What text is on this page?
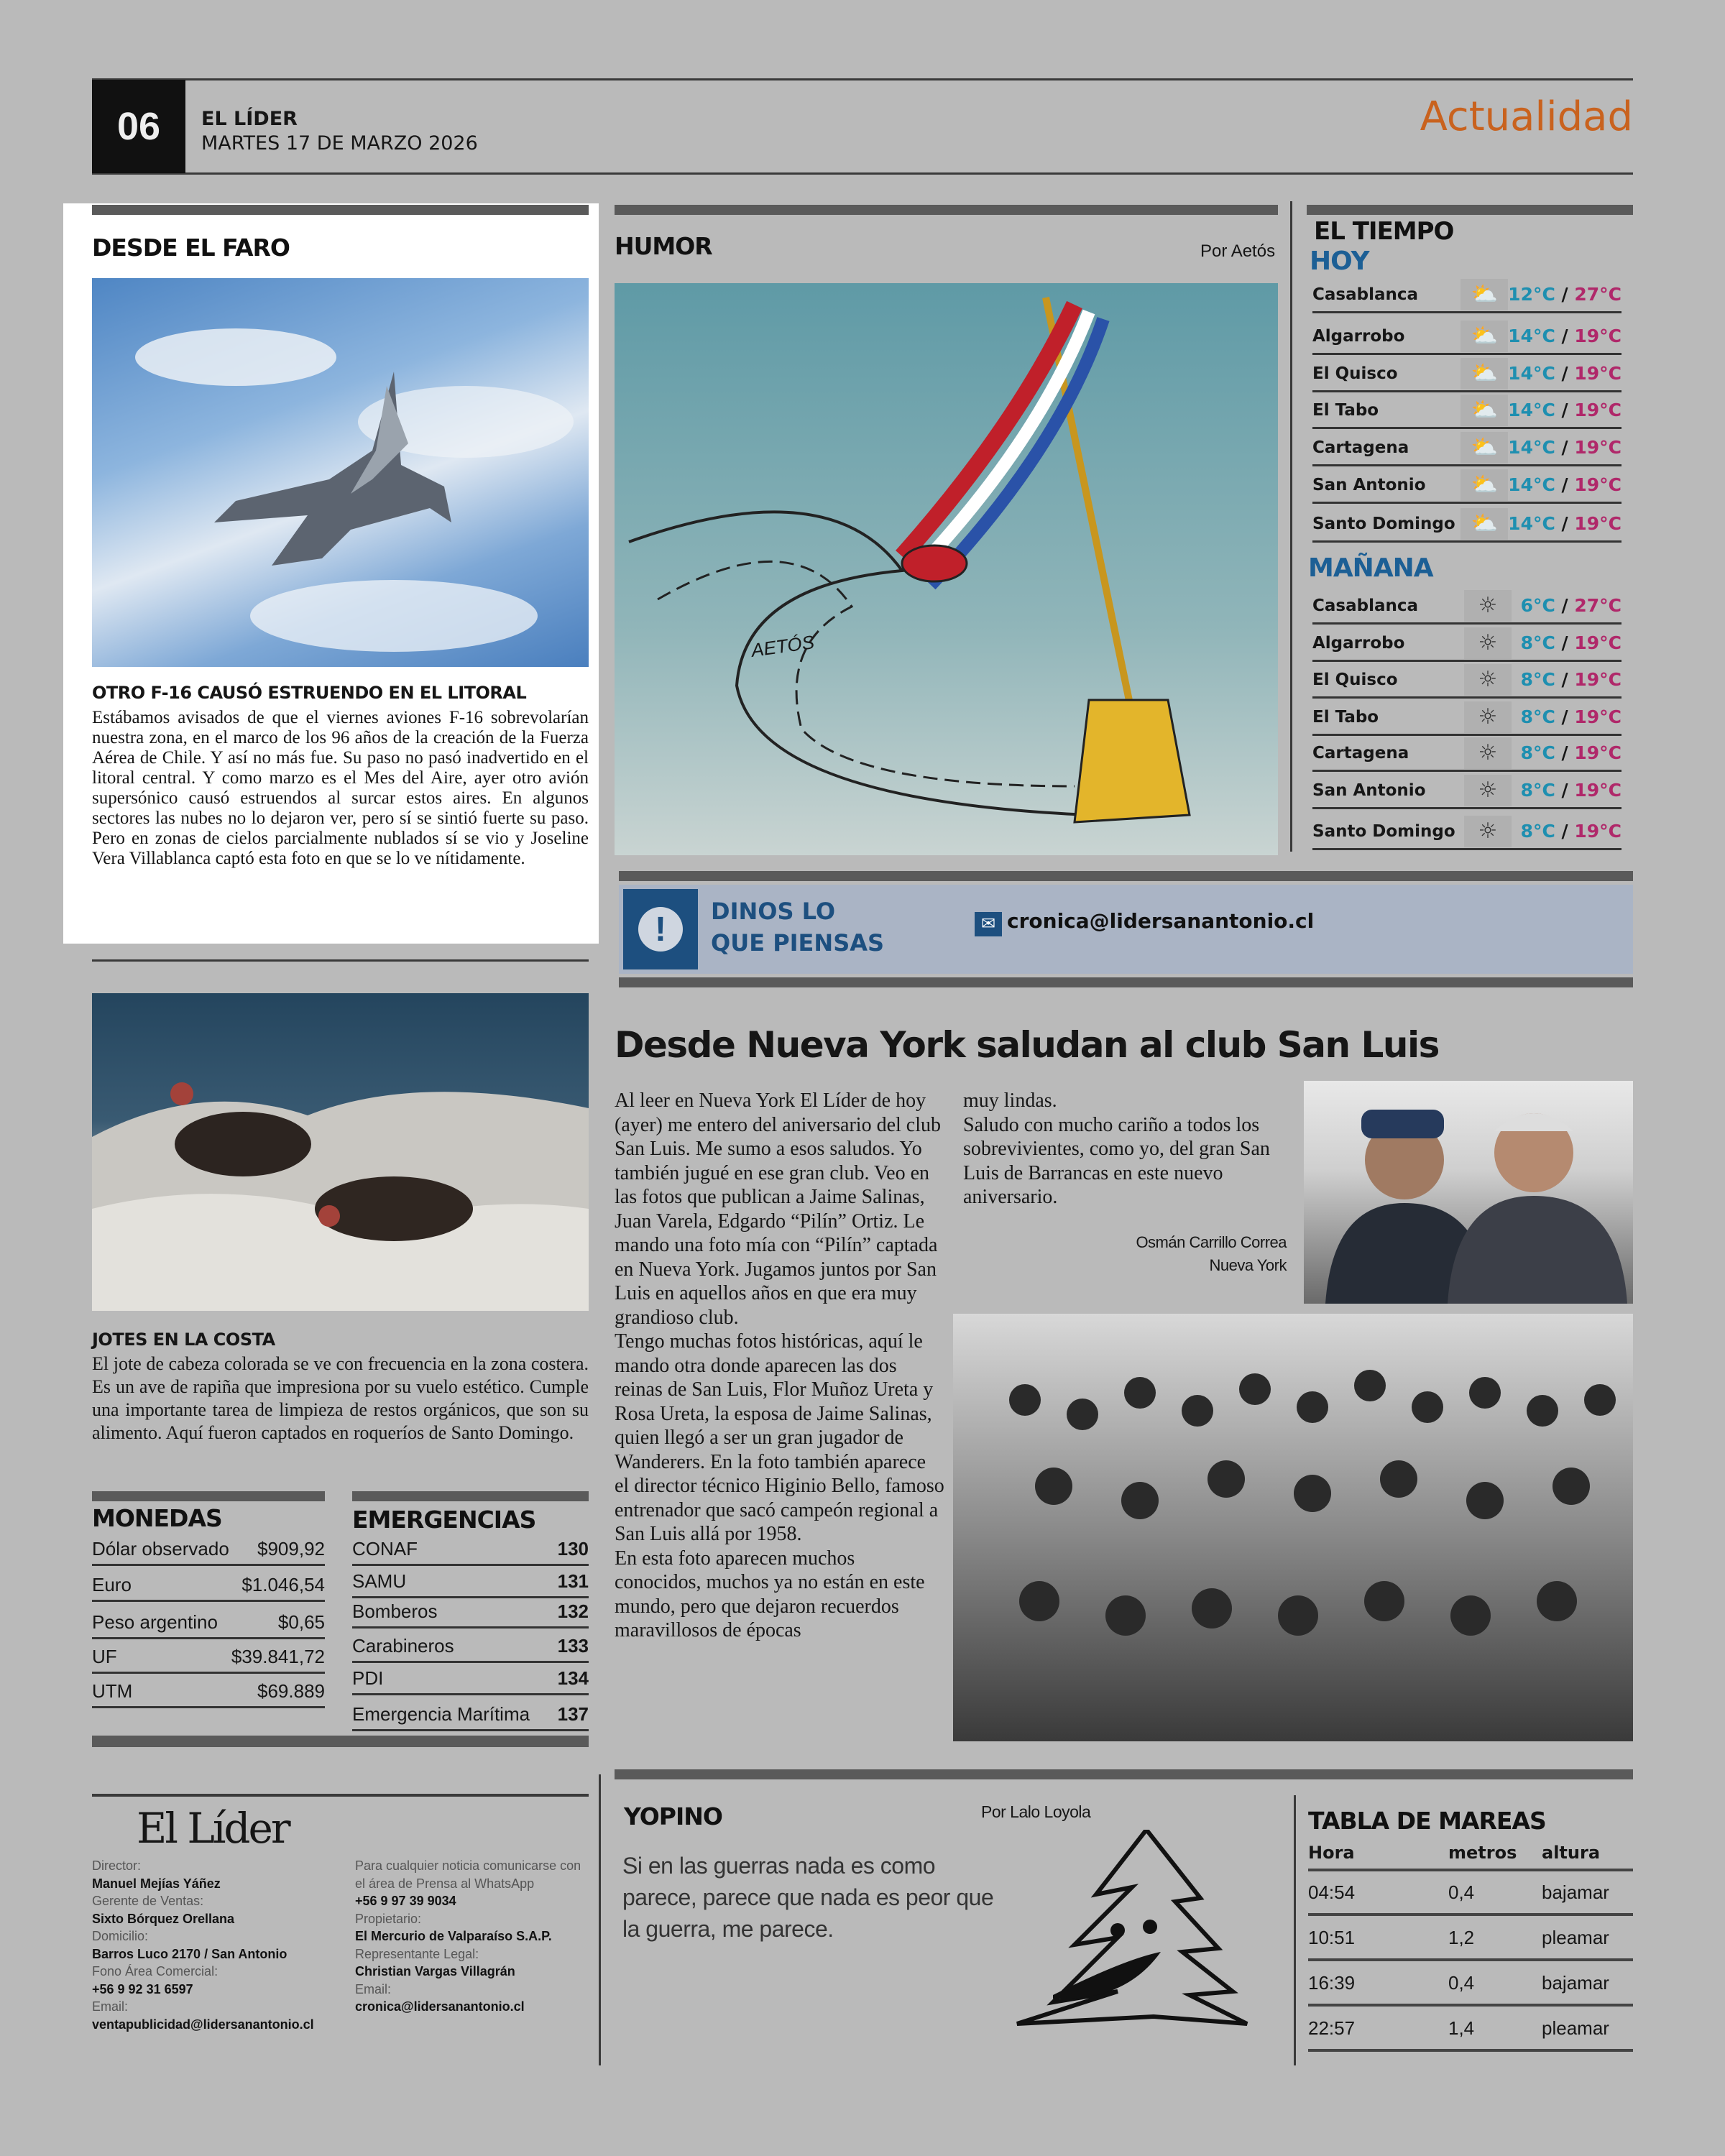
06	EL LÍDER
MARTES 17 DE MARZO 2026
Actualidad
DESDE EL FARO
OTRO F-16 CAUSÓ ESTRUENDO EN EL LITORAL
Estábamos avisados de que el viernes aviones F-16 sobrevolarían nuestra zona, en el marco de los 96 años de la creación de la Fuerza Aérea de Chile. Y así no más fue. Su paso no pasó inadvertido en el litoral central. Y como marzo es el Mes del Aire, ayer otro avión supersónico causó estruendos al surcar estos aires. En algunos sectores las nubes no lo dejaron ver, pero sí se sintió fuerte su paso. Pero en zonas de cielos parcialmente nublados sí se vio y Joseline Vera Villablanca captó esta foto en que se lo ve nítidamente.
JOTES EN LA COSTA
El jote de cabeza colorada se ve con frecuencia en la zona costera. Es un ave de rapiña que impresiona por su vuelo estético. Cumple una importante tarea de limpieza de restos orgánicos, que son su alimento. Aquí fueron captados en roqueríos de Santo Domingo.
MONEDAS	EMERGENCIAS
HUMOR	Por Aetós
AETÓS
EL TIEMPO
HOY
MAÑANA
!	DINOS LO
QUE PIENSAS
✉ cronica@lidersanantonio.cl
Desde Nueva York saludan al club San Luis
Al leer en Nueva York El Líder de hoy (ayer) me entero del aniversario del club San Luis. Me sumo a esos saludos. Yo también jugué en ese gran club. Veo en las fotos que publican a Jaime Salinas, Juan Varela, Edgardo “Pilín” Ortiz. Le mando una foto mía con “Pilín” captada en Nueva York. Jugamos juntos por San Luis en aquellos años en que era muy grandioso club.
Tengo muchas fotos históricas, aquí le mando otra donde aparecen las dos reinas de San Luis, Flor Muñoz Ureta y Rosa Ureta, la esposa de Jaime Salinas, quien llegó a ser un gran jugador de Wanderers. En la foto también aparece el director técnico Higinio Bello, famoso entrenador que sacó campeón regional a San Luis allá por 1958.
En esta foto aparecen muchos conocidos, muchos ya no están en este mundo, pero que dejaron recuerdos maravillosos de épocas
muy lindas.
Saludo con mucho cariño a todos los sobrevivientes, como yo, del gran San Luis de Barrancas en este nuevo aniversario.
Osmán Carrillo Correa
Nueva York
El Líder
Director:
Manuel Mejías Yáñez
Gerente de Ventas:
Sixto Bórquez Orellana
Domicilio:
Barros Luco 2170 / San Antonio
Fono Área Comercial:
+56 9 92 31 6597
Email:
ventapublicidad@lidersanantonio.cl
Para cualquier noticia comunicarse con el área de Prensa al WhatsApp
+56 9 97 39 9034
Propietario:
El Mercurio de Valparaíso S.A.P.
Representante Legal:
Christian Vargas Villagrán
Email:
cronica@lidersanantonio.cl
YOPINO	Por Lalo Loyola
Si en las guerras nada es como parece, parece que nada es peor que la guerra, me parece.
TABLA DE MAREAS
Hora	metros	altura
Dólar observado $909,92
Euro	$1.046,54
Peso argentino	$0,65
UF	$39.841,72
UTM	$69.889
CONAF	130
SAMU	131
Bomberos	132
Carabineros	133
PDI	134
Emergencia Marítima 137
Casablanca	⛅ 12°C / 27°C
Algarrobo	⛅ 14°C / 19°C
El Quisco	⛅ 14°C / 19°C
El Tabo	⛅ 14°C / 19°C
Cartagena	⛅ 14°C / 19°C
San Antonio	⛅ 14°C / 19°C
Santo Domingo ⛅ 14°C / 19°C
Casablanca	☼	6°C / 27°C
Algarrobo	☼	8°C / 19°C
El Quisco	☼	8°C / 19°C
El Tabo	☼	8°C / 19°C
Cartagena	☼	8°C / 19°C
San Antonio	☼	8°C / 19°C
Santo Domingo	☼	8°C / 19°C
04:54	0,4	bajamar
10:51	1,2	pleamar
16:39	0,4	bajamar
22:57	1,4	pleamar
